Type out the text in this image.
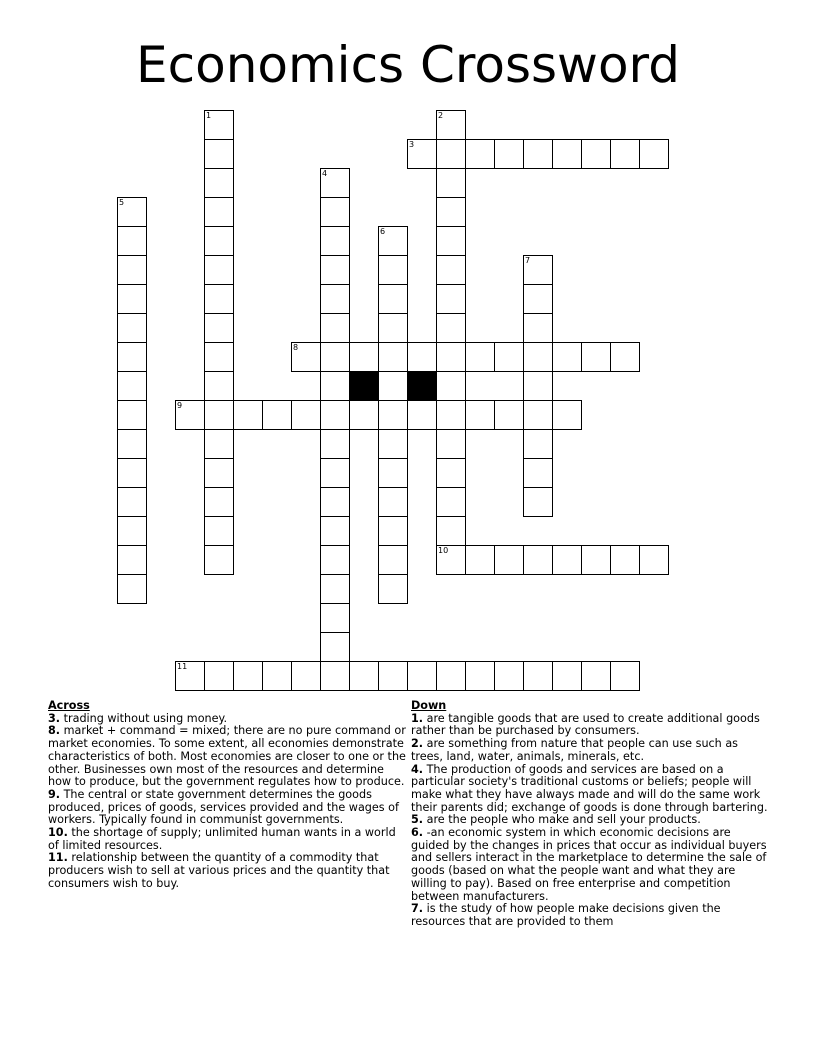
Economics Crossword
1	2
10
3
4
5
6
7
8
9
11
Across
3. trading without using money.
8. market + command = mixed; there are no pure command or market economies. To some extent, all economies demonstrate characteristics of both. Most economies are closer to one or the other. Businesses own most of the resources and determine how to produce, but the government regulates how to produce.
9. The central or state government determines the goods produced, prices of goods, services provided and the wages of workers. Typically found in communist governments.
10. the shortage of supply; unlimited human wants in a world of limited resources.
11. relationship between the quantity of a commodity that producers wish to sell at various prices and the quantity that consumers wish to buy.
Down
1. are tangible goods that are used to create additional goods rather than be purchased by consumers.
2. are something from nature that people can use such as trees, land, water, animals, minerals, etc.
4. The production of goods and services are based on a particular society's traditional customs or beliefs; people will make what they have always made and will do the same work their parents did; exchange of goods is done through bartering.
5. are the people who make and sell your products.
6. -an economic system in which economic decisions are guided by the changes in prices that occur as individual buyers and sellers interact in the marketplace to determine the sale of goods (based on what the people want and what they are willing to pay). Based on free enterprise and competition between manufacturers.
7. is the study of how people make decisions given the resources that are provided to them
